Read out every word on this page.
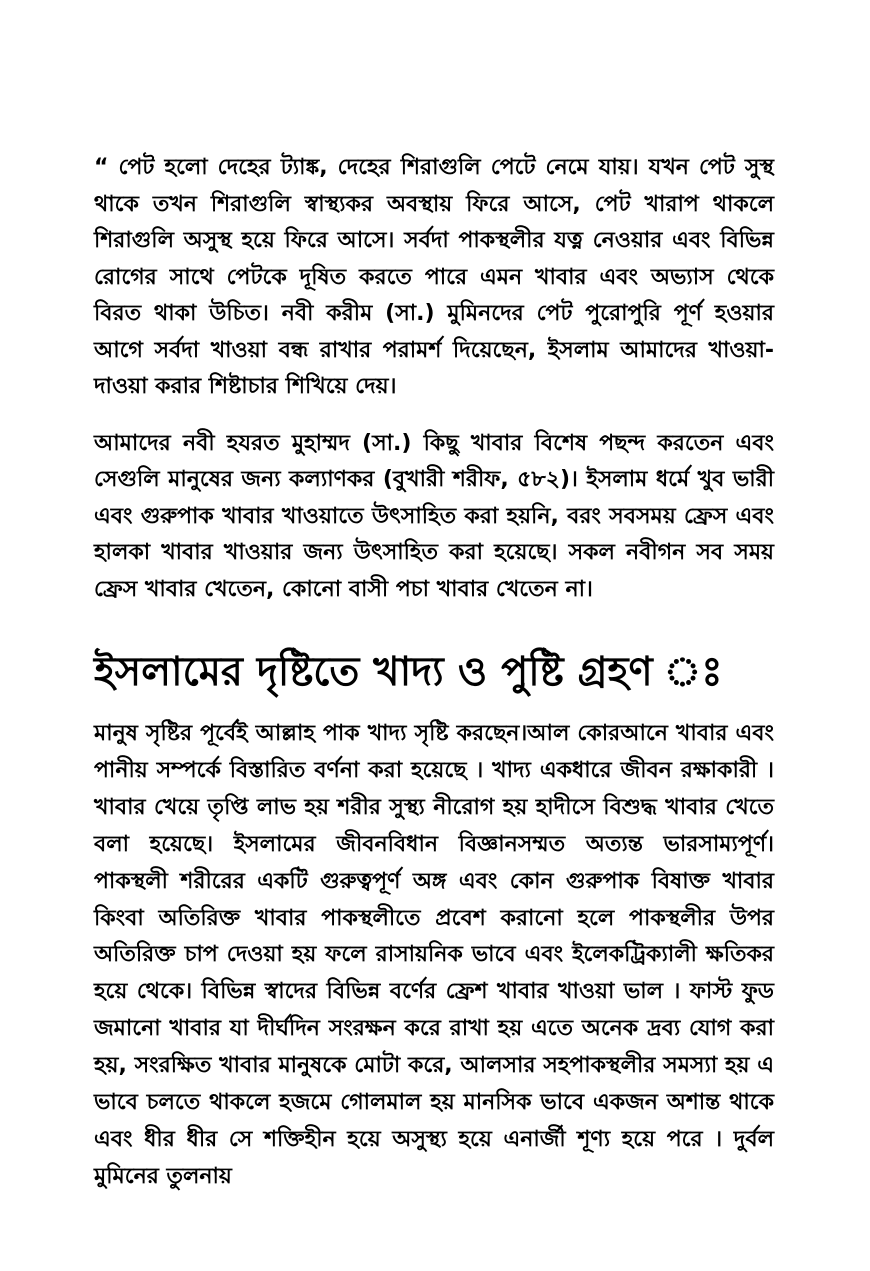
“ পেট হলো দেহের ট্যাঙ্ক, দেহের শিরাগুলি পেটে নেমে যায়। যখন পেট সুস্থ থাকে তখন শিরাগুলি স্বাস্থ্যকর অবস্থায় ফিরে আসে, পেট খারাপ থাকলে শিরাগুলি অসুস্থ হয়ে ফিরে আসে। সর্বদা পাকস্থলীর যত্ন নেওয়ার এবং বিভিন্ন রোগের সাথে পেটকে দূষিত করতে পারে এমন খাবার এবং অভ্যাস থেকে বিরত থাকা উচিত। নবী করীম (সা.) মুমিনদের পেট পুরোপুরি পূর্ণ হওয়ার আগে সর্বদা খাওয়া বন্ধ রাখার পরামর্শ দিয়েছেন, ইসলাম আমাদের খাওয়া-দাওয়া করার শিষ্টাচার শিখিয়ে দেয়।

আমাদের নবী হযরত মুহাম্মদ (সা.) কিছু খাবার বিশেষ পছন্দ করতেন এবং সেগুলি মানুষের জন্য কল্যাণকর (বুখারী শরীফ, ৫৮২)। ইসলাম ধর্মে খুব ভারী এবং গুরুপাক খাবার খাওয়াতে উৎসাহিত করা হয়নি, বরং সবসময় ফ্রেস এবং হালকা খাবার খাওয়ার জন্য উৎসাহিত করা হয়েছে। সকল নবীগন সব সময় ফ্রেস খাবার খেতেন, কোনো বাসী পচা খাবার খেতেন না।

ইসলামের দৃষ্টিতে খাদ্য ও পুষ্টি গ্রহণ ঃ

মানুষ সৃষ্টির পূর্বেই আল্লাহ পাক খাদ্য সৃষ্টি করছেন।আল কোরআনে খাবার এবং পানীয় সম্পর্কে বিস্তারিত বর্ণনা করা হয়েছে । খাদ্য একধারে জীবন রক্ষাকারী । খাবার খেয়ে তৃপ্তি লাভ হয় শরীর সুস্থ্য নীরোগ হয় হাদীসে বিশুদ্ধ খাবার খেতে বলা হয়েছে। ইসলামের জীবনবিধান বিজ্ঞানসম্মত অত্যন্ত ভারসাম্যপূর্ণ। পাকস্থলী শরীরের একটি গুরুত্বপূর্ণ অঙ্গ এবং কোন গুরুপাক বিষাক্ত খাবার কিংবা অতিরিক্ত খাবার পাকস্থলীতে প্রবেশ করানো হলে পাকস্থলীর উপর অতিরিক্ত চাপ দেওয়া হয় ফলে রাসায়নিক ভাবে এবং ইলেকট্রিক্যালী ক্ষতিকর হয়ে থেকে। বিভিন্ন স্বাদের বিভিন্ন বর্ণের ফ্রেশ খাবার খাওয়া ভাল । ফাস্ট ফুড জমানো খাবার যা দীর্ঘদিন সংরক্ষন করে রাখা হয় এতে অনেক দ্রব্য যোগ করা হয়, সংরক্ষিত খাবার মানুষকে মোটা করে, আলসার সহপাকস্থলীর সমস্যা হয় এ ভাবে চলতে থাকলে হজমে গোলমাল হয় মানসিক ভাবে একজন অশান্ত থাকে এবং ধীর ধীর সে শক্তিহীন হয়ে অসুস্থ্য হয়ে এনার্জী শূণ্য হয়ে পরে । দুর্বল মুমিনের তুলনায়
